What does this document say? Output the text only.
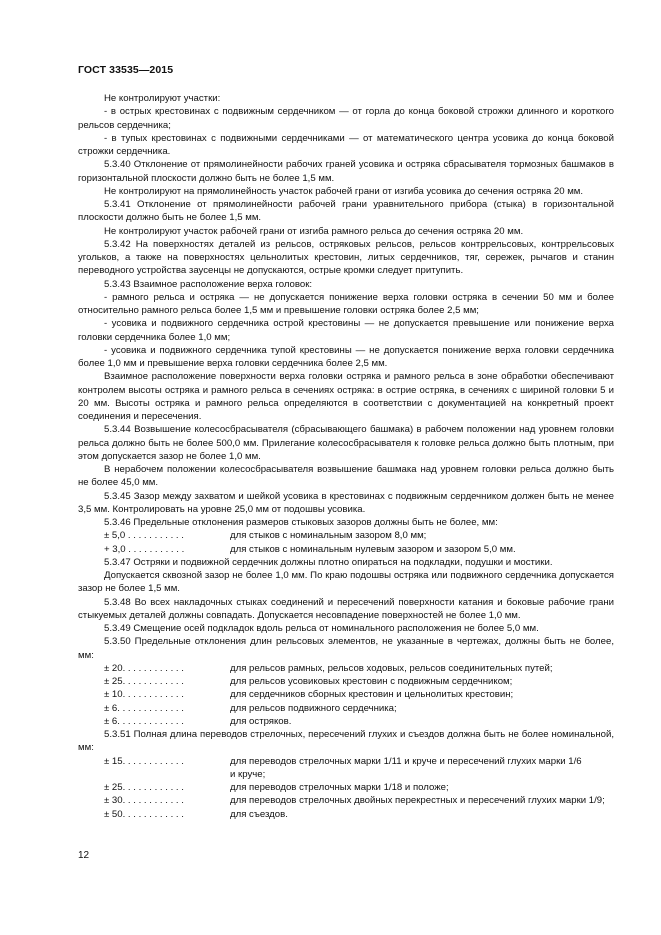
ГОСТ 33535—2015

Не контролируют участки:

- в острых крестовинах с подвижным сердечником — от горла до конца боковой строжки длинного и короткого рельсов сердечника;

- в тупых крестовинах с подвижными сердечниками — от математического центра усовика до конца боковой строжки сердечника.

5.3.40 Отклонение от прямолинейности рабочих граней усовика и остряка сбрасывателя тормозных башмаков в горизонтальной плоскости должно быть не более 1,5 мм.

Не контролируют на прямолинейность участок рабочей грани от изгиба усовика до сечения остряка 20 мм.

5.3.41 Отклонение от прямолинейности рабочей грани уравнительного прибора (стыка) в горизонтальной плоскости должно быть не более 1,5 мм.

Не контролируют участок рабочей грани от изгиба рамного рельса до сечения остряка 20 мм.

5.3.42 На поверхностях деталей из рельсов, остряковых рельсов, рельсов контррельсовых, контррельсовых угольков, а также на поверхностях цельнолитых крестовин, литых сердечников, тяг, сережек, рычагов и станин переводного устройства заусенцы не допускаются, острые кромки следует притупить.

5.3.43 Взаимное расположение верха головок:

- рамного рельса и остряка — не допускается понижение верха головки остряка в сечении 50 мм и более относительно рамного рельса более 1,5 мм и превышение головки остряка более 2,5 мм;

- усовика и подвижного сердечника острой крестовины — не допускается превышение или понижение верха головки сердечника более 1,0 мм;

- усовика и подвижного сердечника тупой крестовины — не допускается понижение верха головки сердечника более 1,0 мм и превышение верха головки сердечника более 2,5 мм.

Взаимное расположение поверхности верха головки остряка и рамного рельса в зоне обработки обеспечивают контролем высоты остряка и рамного рельса в сечениях остряка: в острие остряка, в сечениях с шириной головки 5 и 20 мм. Высоты остряка и рамного рельса определяются в соответствии с документацией на конкретный проект соединения и пересечения.

5.3.44 Возвышение колесосбрасывателя (сбрасывающего башмака) в рабочем положении над уровнем головки рельса должно быть не более 500,0 мм. Прилегание колесосбрасывателя к головке рельса должно быть плотным, при этом допускается зазор не более 1,0 мм.

В нерабочем положении колесосбрасывателя возвышение башмака над уровнем головки рельса должно быть не более 45,0 мм.

5.3.45 Зазор между захватом и шейкой усовика в крестовинах с подвижным сердечником должен быть не менее 3,5 мм. Контролировать на уровне 25,0 мм от подошвы усовика.

5.3.46 Предельные отклонения размеров стыковых зазоров должны быть не более, мм:

± 5,0 . . . . . . . . . . .	для стыков с номинальным зазором 8,0 мм;
+ 3,0 . . . . . . . . . . .	для стыков с номинальным нулевым зазором и зазором 5,0 мм.

5.3.47 Остряки и подвижной сердечник должны плотно опираться на подкладки, подушки и мостики.

Допускается сквозной зазор не более 1,0 мм. По краю подошвы остряка или подвижного сердечника допускается зазор не более 1,5 мм.

5.3.48 Во всех накладочных стыках соединений и пересечений поверхности катания и боковые рабочие грани стыкуемых деталей должны совпадать. Допускается несовпадение поверхностей не более 1,0 мм.

5.3.49 Смещение осей подкладок вдоль рельса от номинального расположения не более 5,0 мм.

5.3.50 Предельные отклонения длин рельсовых элементов, не указанные в чертежах, должны быть не более, мм:

± 20. . . . . . . . . . . .	для рельсов рамных, рельсов ходовых, рельсов соединительных путей;
± 25. . . . . . . . . . . .	для рельсов усовиковых крестовин с подвижным сердечником;
± 10. . . . . . . . . . . .	для сердечников сборных крестовин и цельнолитых крестовин;
± 6. . . . . . . . . . . . .	для рельсов подвижного сердечника;
± 6. . . . . . . . . . . . .	для остряков.

5.3.51 Полная длина переводов стрелочных, пересечений глухих и съездов должна быть не более номинальной, мм:

± 15. . . . . . . . . . . .	для переводов стрелочных марки 1/11 и круче и пересечений глухих марки 1/6
и круче;
± 25. . . . . . . . . . . .	для переводов стрелочных марки 1/18 и положе;
± 30. . . . . . . . . . . .	для переводов стрелочных двойных перекрестных и пересечений глухих марки 1/9;
± 50. . . . . . . . . . . .	для съездов.
12
